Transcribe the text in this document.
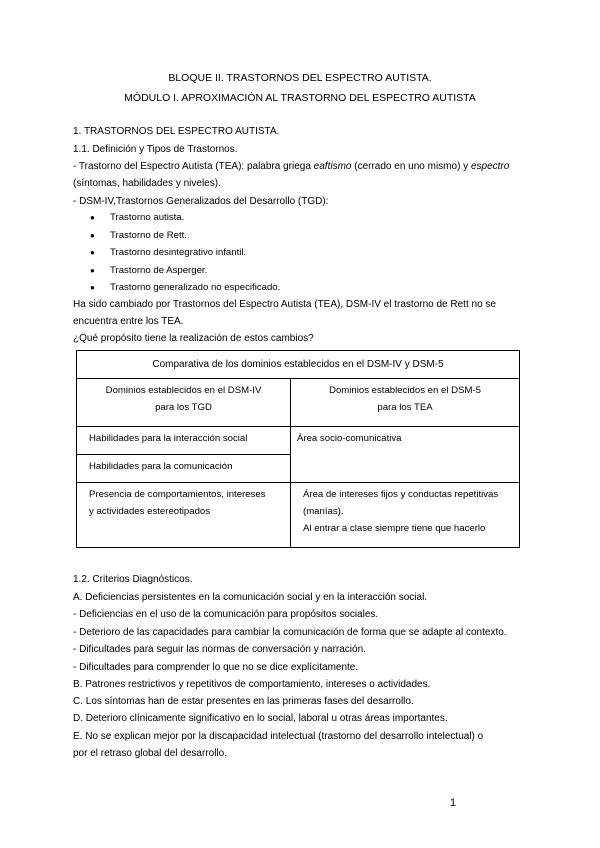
BLOQUE II. TRASTORNOS DEL ESPECTRO AUTISTA.
MÓDULO I. APROXIMACIÓN AL TRASTORNO DEL ESPECTRO AUTISTA
1. TRASTORNOS DEL ESPECTRO AUTISTA.
1.1. Definición y Tipos de Trastornos.
- Trastorno del Espectro Autista (TEA): palabra griega eaftismo (cerrado en uno mismo) y espectro
(síntomas, habilidades y niveles).
- DSM-IV,Trastornos Generalizados del Desarrollo (TGD):
● Trastorno autista.
● Trastorno de Rett.
● Trastorno desintegrativo infantil.
● Trastorno de Asperger.
● Trastorno generalizado no especificado.
Ha sido cambiado por Trastornos del Espectro Autista (TEA), DSM-IV el trastorno de Rett no se
encuentra entre los TEA.
¿Qué propósito tiene la realización de estos cambios?
Comparativa de los dominios establecidos en el DSM-IV y DSM-5
Dominios establecidos en el DSM-IV
para los TGD
Dominios establecidos en el DSM-5
para los TEA
Habilidades para la interacción social	Área socio-comunicativa
Habilidades para la comunicación
Presencia de comportamientos, intereses
y actividades estereotipados
Área de intereses fijos y conductas repetitivas
(manías).
Al entrar a clase siempre tiene que hacerlo
1.2. Criterios Diagnósticos.
A. Deficiencias persistentes en la comunicación social y en la interacción social.
- Deficiencias en el uso de la comunicación para propósitos sociales.
- Deterioro de las capacidades para cambiar la comunicación de forma que se adapte al contexto.
- Dificultades para seguir las normas de conversación y narración.
- Dificultades para comprender lo que no se dice explícitamente.
B. Patrones restrictivos y repetitivos de comportamiento, intereses o actividades.
C. Los síntomas han de estar presentes en las primeras fases del desarrollo.
D. Deterioro clínicamente significativo en lo social, laboral u otras áreas importantes.
E. No se explican mejor por la discapacidad intelectual (trastorno del desarrollo intelectual) o
por el retraso global del desarrollo.
1
